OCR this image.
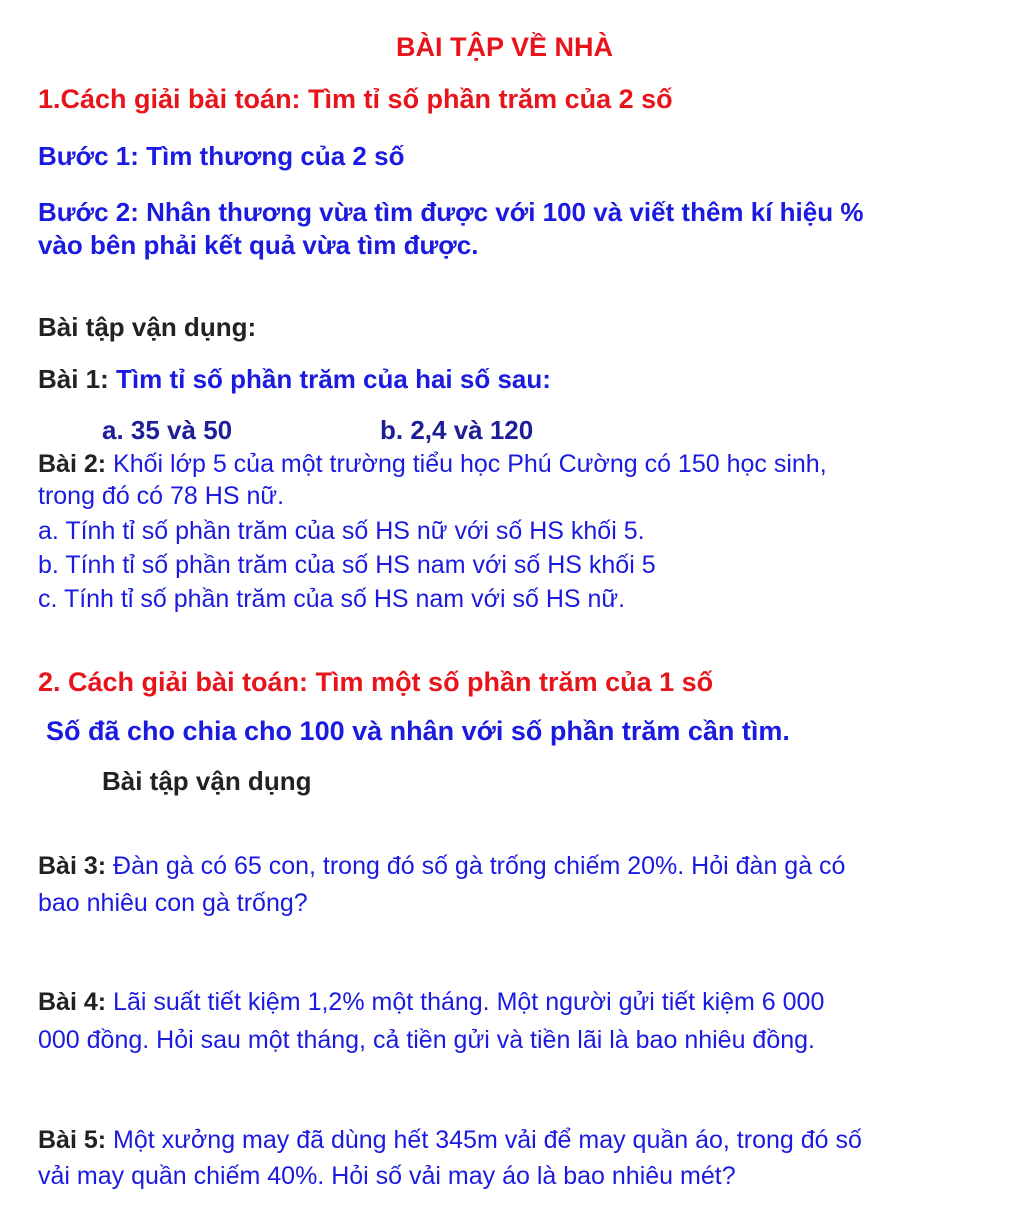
BÀI TẬP VỀ NHÀ
1.Cách giải bài toán: Tìm tỉ số phần trăm của 2 số
Bước 1: Tìm thương của 2 số
Bước 2: Nhân thương vừa tìm được với 100 và viết thêm kí hiệu %
vào bên phải kết quả vừa tìm được.
Bài tập vận dụng:
Bài 1: Tìm tỉ số phần trăm của hai số sau:
a. 35 và 50	b. 2,4 và 120
Bài 2: Khối lớp 5 của một trường tiểu học Phú Cường có 150 học sinh,
trong đó có 78 HS nữ.
a. Tính tỉ số phần trăm của số HS nữ với số HS khối 5.
b. Tính tỉ số phần trăm của số HS nam với số HS khối 5
c. Tính tỉ số phần trăm của số HS nam với số HS nữ.
2. Cách giải bài toán: Tìm một số phần trăm của 1 số
Số đã cho chia cho 100 và nhân với số phần trăm cần tìm.
Bài tập vận dụng
Bài 3: Đàn gà có 65 con, trong đó số gà trống chiếm 20%. Hỏi đàn gà có
bao nhiêu con gà trống?
Bài 4: Lãi suất tiết kiệm 1,2% một tháng. Một người gửi tiết kiệm 6 000
000 đồng. Hỏi sau một tháng, cả tiền gửi và tiền lãi là bao nhiêu đồng.
Bài 5: Một xưởng may đã dùng hết 345m vải để may quần áo, trong đó số
vải may quần chiếm 40%. Hỏi số vải may áo là bao nhiêu mét?
